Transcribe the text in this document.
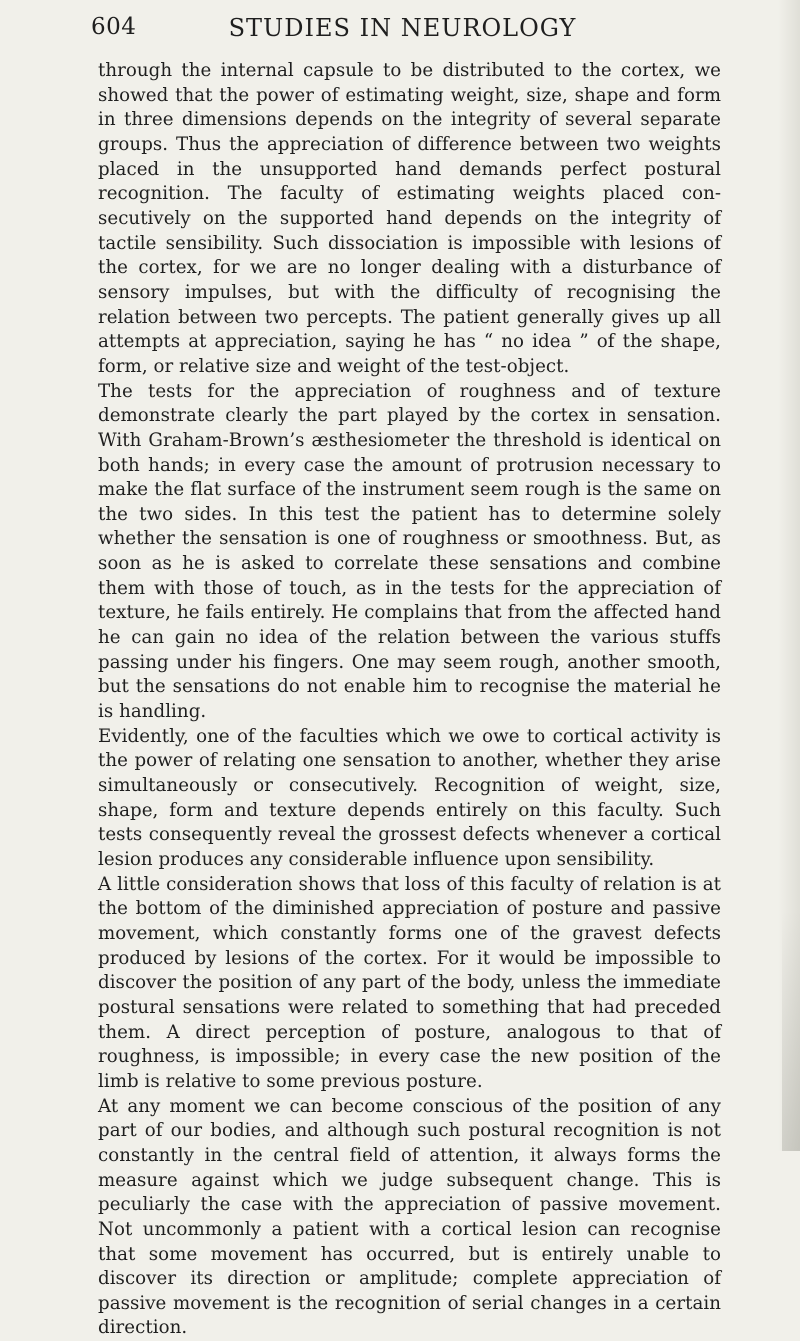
604	STUDIES IN NEUROLOGY

through the internal capsule to be distributed to the cortex, we showed that the power of estimating weight, size, shape and form in three dimensions depends on the integrity of several separate groups. Thus the appreciation of difference between two weights placed in the unsupported hand demands perfect postural recognition. The faculty of estimating weights placed consecutively on the supported hand depends on the integrity of tactile sensibility. Such dissociation is impossible with lesions of the cortex, for we are no longer dealing with a disturbance of sensory impulses, but with the difficulty of recognising the relation between two percepts. The patient generally gives up all attempts at appreciation, saying he has “ no idea ” of the shape, form, or relative size and weight of the test-object.

The tests for the appreciation of roughness and of texture demonstrate clearly the part played by the cortex in sensation. With Graham-Brown’s æsthesiometer the threshold is identical on both hands; in every case the amount of protrusion necessary to make the flat surface of the instrument seem rough is the same on the two sides. In this test the patient has to determine solely whether the sensation is one of roughness or smoothness. But, as soon as he is asked to correlate these sensations and combine them with those of touch, as in the tests for the appreciation of texture, he fails entirely. He complains that from the affected hand he can gain no idea of the relation between the various stuffs passing under his fingers. One may seem rough, another smooth, but the sensations do not enable him to recognise the material he is handling.

Evidently, one of the faculties which we owe to cortical activity is the power of relating one sensation to another, whether they arise simultaneously or consecutively. Recognition of weight, size, shape, form and texture depends entirely on this faculty. Such tests consequently reveal the grossest defects whenever a cortical lesion produces any considerable influence upon sensibility.

A little consideration shows that loss of this faculty of relation is at the bottom of the diminished appreciation of posture and passive movement, which constantly forms one of the gravest defects produced by lesions of the cortex. For it would be impossible to discover the position of any part of the body, unless the immediate postural sensations were related to something that had preceded them. A direct perception of posture, analogous to that of roughness, is impossible; in every case the new position of the limb is relative to some previous posture.

At any moment we can become conscious of the position of any part of our bodies, and although such postural recognition is not constantly in the central field of attention, it always forms the measure against which we judge subsequent change. This is peculiarly the case with the appreciation of passive movement. Not uncommonly a patient with a cortical lesion can recognise that some movement has occurred, but is entirely unable to discover its direction or amplitude; complete appreciation of passive movement is the recognition of serial changes in a certain direction.
